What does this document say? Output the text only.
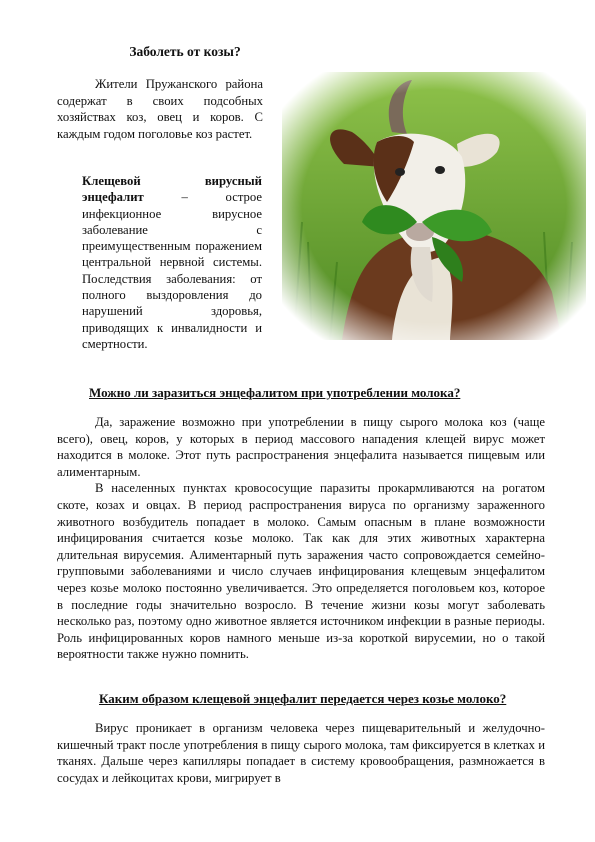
Заболеть от козы?
Жители Пружанского района содержат в своих подсобных хозяйствах коз, овец и коров. С каждым годом поголовье коз растет.
Клещевой вирусный энцефалит – острое инфекционное вирусное заболевание с преимущественным поражением центральной нервной системы. Последствия заболевания: от полного выздоровления до нарушений здоровья, приводящих к инвалидности и смертности.
Можно ли заразиться энцефалитом при употреблении молока?
Да, заражение возможно при употреблении в пищу сырого молока коз (чаще всего), овец, коров, у которых в период массового нападения клещей вирус может находится в молоке. Этот путь распространения энцефалита называется пищевым или алиментарным.
В населенных пунктах кровососущие паразиты прокармливаются на рогатом скоте, козах и овцах. В период распространения вируса по организму зараженного животного возбудитель попадает в молоко. Самым опасным в плане возможности инфицирования считается козье молоко. Так как для этих животных характерна длительная вирусемия. Алиментарный путь заражения часто сопровождается семейно-групповыми заболеваниями и число случаев инфицирования клещевым энцефалитом через козье молоко постоянно увеличивается. Это определяется поголовьем коз, которое в последние годы значительно возросло. В течение жизни козы могут заболевать несколько раз, поэтому одно животное является источником инфекции в разные периоды. Роль инфицированных коров намного меньше из-за короткой вирусемии, но о такой вероятности также нужно помнить.
Каким образом клещевой энцефалит передается через козье молоко?
Вирус проникает в организм человека через пищеварительный и желудочно-кишечный тракт после употребления в пищу сырого молока, там фиксируется в клетках и тканях. Дальше через капилляры попадает в систему кровообращения, размножается в сосудах и лейкоцитах крови, мигрирует в
